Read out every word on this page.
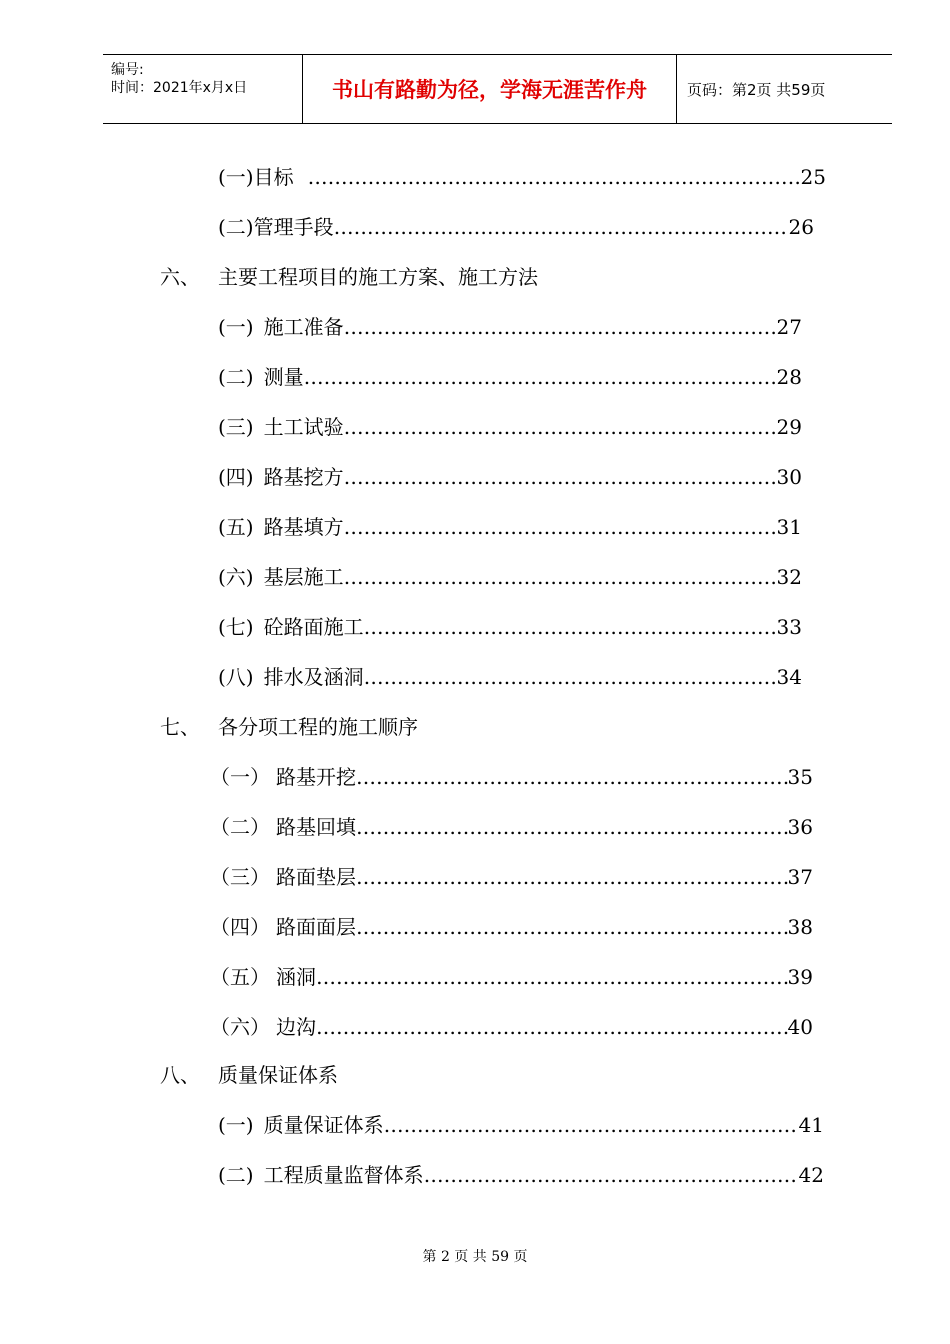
编号:
时间：2021年x月x日	书山有路勤为径，学海无涯苦作舟	页码：第2页 共59页
(一) 目标 …………………………………………………………………………………………………………………………	25
(二) 管理手段 …………………………………………………………………………………………………………………………	26
六、 主要工程项目的施工方案、施工方法
(一) 施工准备 …………………………………………………………………………………………………………………………	27
(二) 测量 …………………………………………………………………………………………………………………………	28
(三) 土工试验 …………………………………………………………………………………………………………………………	29
(四) 路基挖方 …………………………………………………………………………………………………………………………	30
(五) 路基填方 …………………………………………………………………………………………………………………………	31
(六) 基层施工 …………………………………………………………………………………………………………………………	32
(七) 砼路面施工 …………………………………………………………………………………………………………………………	33
(八) 排水及涵洞 …………………………………………………………………………………………………………………………	34
七、 各分项工程的施工顺序
（一） 路基开挖 …………………………………………………………………………………………………………………………	35
（二） 路基回填 …………………………………………………………………………………………………………………………	36
（三） 路面垫层 …………………………………………………………………………………………………………………………	37
（四） 路面面层 …………………………………………………………………………………………………………………………	38
（五） 涵洞 …………………………………………………………………………………………………………………………	39
（六） 边沟 …………………………………………………………………………………………………………………………	40
八、 质量保证体系
(一) 质量保证体系 …………………………………………………………………………………………………………………………	41
(二) 工程质量监督体系 …………………………………………………………………………………………………………………………	42
第 2 页 共 59 页
